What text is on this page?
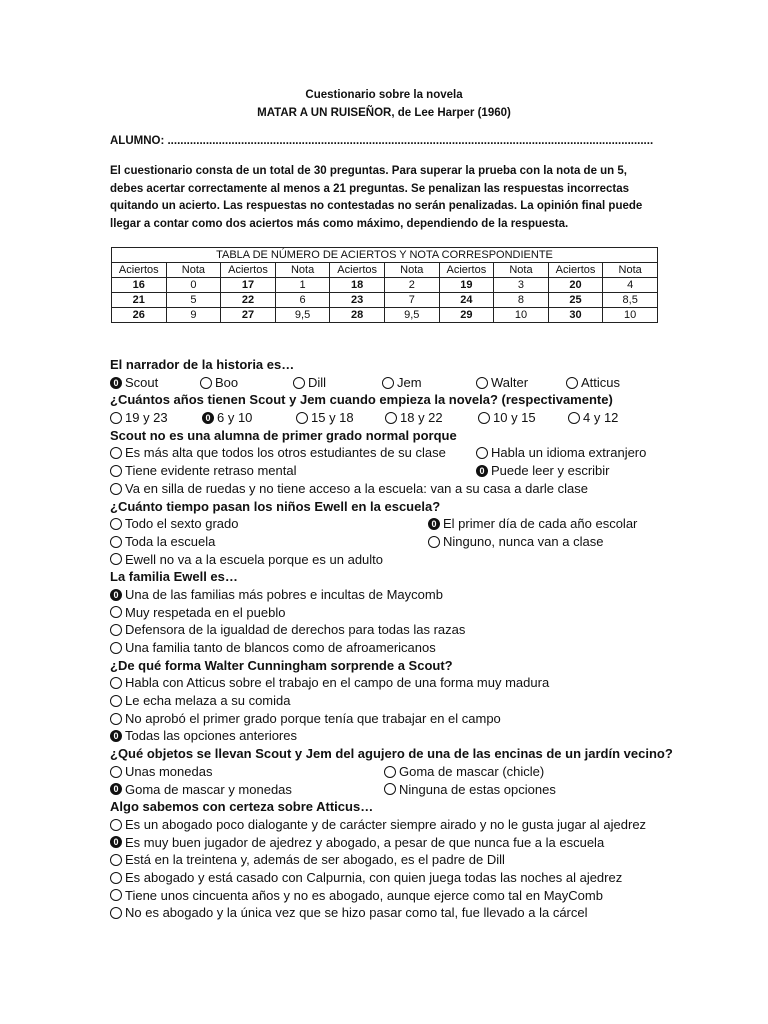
Cuestionario sobre la novela
MATAR A UN RUISEÑOR, de Lee Harper (1960)
ALUMNO: ........................................................................................................................................................
El cuestionario consta de un total de 30 preguntas. Para superar la prueba con la nota de un 5, debes acertar correctamente al menos a 21 preguntas. Se penalizan las respuestas incorrectas quitando un acierto. Las respuestas no contestadas no serán penalizadas. La opinión final puede llegar a contar como dos aciertos más como máximo, dependiendo de la respuesta.
TABLA DE NÚMERO DE ACIERTOS Y NOTA CORRESPONDIENTE									
Aciertos	Nota	Aciertos	Nota	Aciertos	Nota	Aciertos	Nota	Aciertos	Nota
16	0	17	1	18	2	19	3	20	4
21	5	22	6	23	7	24	8	25	8,5
26	9	27	9,5	28	9,5	29	10	30	10
El narrador de la historia es…
0 Scout	Boo	Dill	Jem	Walter	Atticus
¿Cuántos años tienen Scout y Jem cuando empieza la novela? (respectivamente)
19 y 23	0 6 y 10	15 y 18	18 y 22	10 y 15	4 y 12
Scout no es una alumna de primer grado normal porque
Es más alta que todos los otros estudiantes de su clase	Habla un idioma extranjero
Tiene evidente retraso mental	0 Puede leer y escribir
Va en silla de ruedas y no tiene acceso a la escuela: van a su casa a darle clase
¿Cuánto tiempo pasan los niños Ewell en la escuela?
Todo el sexto grado	0 El primer día de cada año escolar
Toda la escuela	Ninguno, nunca van a clase
Ewell no va a la escuela porque es un adulto
La familia Ewell es…
0 Una de las familias más pobres e incultas de Maycomb
Muy respetada en el pueblo
Defensora de la igualdad de derechos para todas las razas
Una familia tanto de blancos como de afroamericanos
¿De qué forma Walter Cunningham sorprende a Scout?
Habla con Atticus sobre el trabajo en el campo de una forma muy madura
Le echa melaza a su comida
No aprobó el primer grado porque tenía que trabajar en el campo
0 Todas las opciones anteriores
¿Qué objetos se llevan Scout y Jem del agujero de una de las encinas de un jardín vecino?
Unas monedas	Goma de mascar (chicle)
0 Goma de mascar y monedas	Ninguna de estas opciones
Algo sabemos con certeza sobre Atticus…
Es un abogado poco dialogante y de carácter siempre airado y no le gusta jugar al ajedrez
0 Es muy buen jugador de ajedrez y abogado, a pesar de que nunca fue a la escuela
Está en la treintena y, además de ser abogado, es el padre de Dill
Es abogado y está casado con Calpurnia, con quien juega todas las noches al ajedrez
Tiene unos cincuenta años y no es abogado, aunque ejerce como tal en MayComb
No es abogado y la única vez que se hizo pasar como tal, fue llevado a la cárcel
